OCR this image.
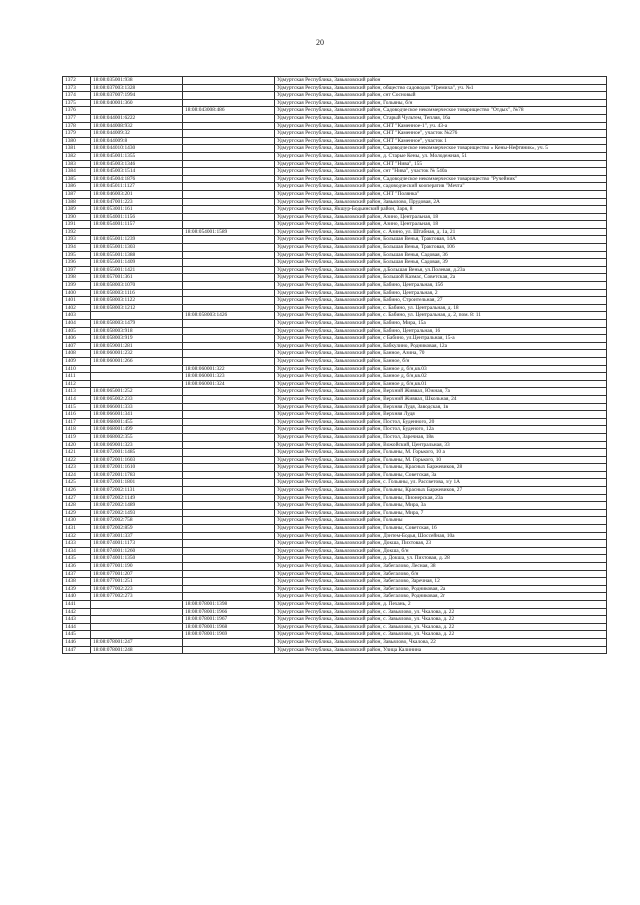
20
1372	18:08:035001:938		Удмуртская Республика, Завьяловский район
1373	18:08:037003:1328		Удмуртская Республика, Завьяловский район, общество садоводов "Гремиха", уч. №1
1374	18:08:037007:1994		Удмуртская Республика, Завьяловский район, снт Сосновый
1375	18:08:040001:360		Удмуртская Республика, Завьяловский район, Гольяны, б/н
1376		18:08:043008:486	Удмуртская Республика, Завьяловский район, Садоводческое некоммерческое товарищество "Отдых", №78
1377	18:08:044001:6222		Удмуртская Республика, Завьяловский район, Старый Чультем, Тепляя, 16а
1378	18:08:044008:932		Удмуртская Республика, Завьяловский район, СНТ "Каменное-1", уч. 43-а
1379	18:08:044009:32		Удмуртская Республика, Завьяловский район, СНТ "Каменное", участок №276
1380	18:08:044009:8		Удмуртская Республика, Завьяловский район, СНТ "Каменное", участок 1
1381	18:08:044010:1430		Удмуртская Республика, Завьяловский район, Садоводческое некоммерческое товарищество « Кены-Нефтяник», уч. 5
1382	18:08:045001:1355		Удмуртская Республика, Завьяловский район, д. Старые Кены, ул. Молодежная, 51
1383	18:08:045003:1346		Удмуртская Республика, Завьяловский район, СНТ "Нива", 155
1384	18:08:045003:1514		Удмуртская Республика, Завьяловский район, снт "Нива", участок № 540а
1385	18:08:045004:1876		Удмуртская Республика, Завьяловский район, Садоводческое некоммерческое товарищество "Ручейник"
1386	18:08:045011:1127		Удмуртская Республика, Завьяловский район, садоводческий кооператив "Мечта"
1387	18:08:046003:201		Удмуртская Республика, Завьяловский район, СНТ "Полянка"
1388	18:08:047001:223		Удмуртская Республика, Завьяловский район, Завьялово, Прудовая, 2А
1389	18:08:053001:161		Удмуртская Республика, Якшур-Бодьинский район, Заря, 8
1390	18:08:054001:1156		Удмуртская Республика, Завьяловский район, Азино, Центральная, 18
1391	18:08:054001:1157		Удмуртская Республика, Завьяловский район, Азино, Центральная, 18
1392		18:08:054001:1589	Удмуртская Республика, Завьяловский район, с. Азино, ул. Штабная, д. 1а, 21
1393	18:08:055001:1239		Удмуртская Республика, Завьяловский район, Большая Венья, Трактовая, 14А
1394	18:08:055001:1303		Удмуртская Республика, Завьяловский район, Большая Венья, Трактовая, 106
1395	18:08:055001:1388		Удмуртская Республика, Завьяловский район, Большая Венья, Садовая, 36
1396	18:08:055001:1409		Удмуртская Республика, Завьяловский район, Большая Венья, Садовая, 39
1397	18:08:055001:1421		Удмуртская Республика, Завьяловский район, д.Большая Венья, ул.Полевая, д.23а
1398	18:08:057001:361		Удмуртская Республика, Завьяловский район, Большой Казмас, Советская, 2а
1399	18:08:058003:1070		Удмуртская Республика, Завьяловский район, Бабино, Центральная, 15б
1400	18:08:058003:1116		Удмуртская Республика, Завьяловский район, Бабино, Центральная, 2
1401	18:08:058003:1122		Удмуртская Республика, Завьяловский район, Бабино, Строительная, 27
1402	18:08:058003:1212		Удмуртская Республика, Завьяловский район, с. Бабино, ул. Центральная, д. 18
1403		18:08:058003:1426	Удмуртская Республика, Завьяловский район, с. Бабино, ул. Центральная, д. 2, пом. 8: 11
1404	18:08:058003:1479		Удмуртская Республика, Завьяловский район, Бабино, Мира, 15а
1405	18:08:058003:918		Удмуртская Республика, Завьяловский район, Бабино, Центральная, 16
1406	18:08:058003:919		Удмуртская Республика, Завьяловский район, с Бабино, ул.Центральная, 15-а
1407	18:08:059001:281		Удмуртская Республика, Завьяловский район, Бабкулино, Родниковая, 12а
1408	18:08:060001:232		Удмуртская Республика, Завьяловский район, Банное, Азина, 70
1409	18:08:060001:266		Удмуртская Республика, Завьяловский район, Банное, б/н
1410		18:08:060001:322	Удмуртская Республика, Завьяловский район, Банное д, б/н,кв.03
1411		18:08:060001:323	Удмуртская Республика, Завьяловский район, Банное д, б/н,кв.02
1412		18:08:060001:324	Удмуртская Республика, Завьяловский район, Банное д, б/н,кв.01
1413	18:08:065001:252		Удмуртская Республика, Завьяловский район, Верхний Живвал, Южная, 7а
1414	18:08:065002:233		Удмуртская Республика, Завьяловский район, Верхний Живвал, Школьная, 24
1415	18:08:066001:333		Удмуртская Республика, Завьяловский район, Верхняя Лудя, Заводская, 1в
1416	18:08:066001:341		Удмуртская Республика, Завьяловский район, Верхняя Лудя
1417	18:08:068001:455		Удмуртская Республика, Завьяловский район, Постол, Буденного, 20
1418	18:08:068001:499		Удмуртская Республика, Завьяловский район, Постол, Буденого, 12а
1419	18:08:068002:355		Удмуртская Республика, Завьяловский район, Постол, Заречная, 18в
1420	18:08:069001:323		Удмуртская Республика, Завьяловский район, Вожойский, Центральная, 33
1421	18:08:072001:1485		Удмуртская Республика, Завьяловский район, Гольяны, М. Горького, 10 а
1422	18:08:072001:1603		Удмуртская Республика, Завьяловский район, Гольяны, М. Горького, 10
1423	18:08:072001:1610		Удмуртская Республика, Завьяловский район, Гольяны, Красных Баржевиков, 28
1424	18:08:072001:1783		Удмуртская Республика, Завьяловский район, Гольяны, Советская, 3а
1425	18:08:072001:1801		Удмуртская Республика, Завьяловский район, с. Гольяны, ул. Рассветова, з/у 1А
1426	18:08:072002:1131		Удмуртская Республика, Завьяловский район, Гольяны, Красных Баржевиков, 27
1427	18:08:072002:1149		Удмуртская Республика, Завьяловский район, Гольяны, Пионерская, 23а
1428	18:08:072002:1489		Удмуртская Республика, Завьяловский район, Гольяны, Мира, 3а
1429	18:08:072002:1493		Удмуртская Республика, Завьяловский район, Гольяны, Мира, 7
1430	18:08:072002:758		Удмуртская Республика, Завьяловский район, Гольяны
1431	18:08:072002:859		Удмуртская Республика, Завьяловский район, Гольяны, Советская, 16
1432	18:08:073001:337		Удмуртская Республика, Завьяловский район, Дзнтем-Бодья, Шоссейная, 10а
1433	18:08:074001:1173		Удмуртская Республика, Завьяловский район, Докша, Пихтовая, 23
1434	18:08:074001:1260		Удмуртская Республика, Завьяловский район, Докша, б/н
1435	18:08:074001:1350		Удмуртская Республика, Завьяловский район, д. Докша, ул. Пихтовая, д. 28
1436	18:08:077001:190		Удмуртская Республика, Завьяловский район, Забегалово, Лесная, 38
1437	18:08:077001:207		Удмуртская Республика, Завьяловский район, Забегалово, б/н
1438	18:08:077001:251		Удмуртская Республика, Завьяловский район, Забегалово, Заречная, 12
1439	18:08:077002:223		Удмуртская Республика, Завьяловский район, Забегалово, Родниковая, 2а
1440	18:08:077002:273		Удмуртская Республика, Завьяловский район, Забегалово, Родниковая, 2г
1441		18:08:078001:1398	Удмуртская Республика, Завьяловский район, д. Пехань, 2
1442		18:08:078001:1966	Удмуртская Республика, Завьяловский район, с. Завьялово, ул. Чкалова, д. 22
1443		18:08:078001:1967	Удмуртская Республика, Завьяловский район, с. Завьялово, ул. Чкалова, д. 22
1444		18:08:078001:1968	Удмуртская Республика, Завьяловский район, с. Завьялово, ул. Чкалова, д. 22
1445		18:08:078001:1969	Удмуртская Республика, Завьяловский район, с. Завьялово, ул. Чкалова, д. 22
1446	18:08:078001:247		Удмуртская Республика, Завьяловский район, Завьялово, Чкалова, 22
1447	18:08:078001:248		Удмуртская Республика, Завьяловский район, Улица Калинина
